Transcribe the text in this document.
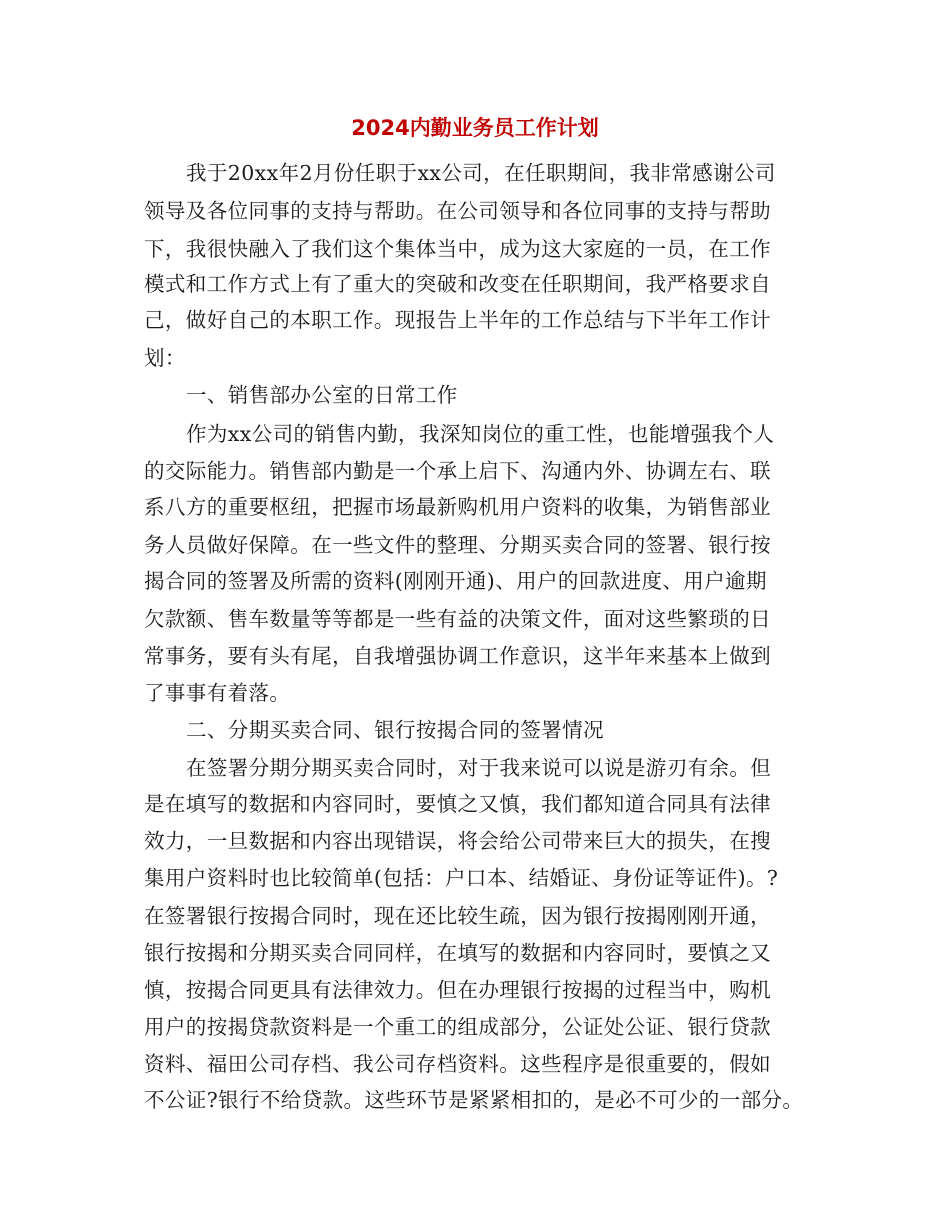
2024内勤业务员工作计划
我于20xx年2月份任职于xx公司，在任职期间，我非常感谢公司
领导及各位同事的支持与帮助。在公司领导和各位同事的支持与帮助
下，我很快融入了我们这个集体当中，成为这大家庭的一员，在工作
模式和工作方式上有了重大的突破和改变在任职期间，我严格要求自
己，做好自己的本职工作。现报告上半年的工作总结与下半年工作计
划：
一、销售部办公室的日常工作
作为xx公司的销售内勤，我深知岗位的重工性，也能增强我个人
的交际能力。销售部内勤是一个承上启下、沟通内外、协调左右、联
系八方的重要枢纽，把握市场最新购机用户资料的收集，为销售部业
务人员做好保障。在一些文件的整理、分期买卖合同的签署、银行按
揭合同的签署及所需的资料(刚刚开通)、用户的回款进度、用户逾期
欠款额、售车数量等等都是一些有益的决策文件，面对这些繁琐的日
常事务，要有头有尾，自我增强协调工作意识，这半年来基本上做到
了事事有着落。
二、分期买卖合同、银行按揭合同的签署情况
在签署分期分期买卖合同时，对于我来说可以说是游刃有余。但
是在填写的数据和内容同时，要慎之又慎，我们都知道合同具有法律
效力，一旦数据和内容出现错误，将会给公司带来巨大的损失，在搜
集用户资料时也比较简单(包括：户口本、结婚证、身份证等证件)。?
在签署银行按揭合同时，现在还比较生疏，因为银行按揭刚刚开通，
银行按揭和分期买卖合同同样，在填写的数据和内容同时，要慎之又
慎，按揭合同更具有法律效力。但在办理银行按揭的过程当中，购机
用户的按揭贷款资料是一个重工的组成部分，公证处公证、银行贷款
资料、福田公司存档、我公司存档资料。这些程序是很重要的，假如
不公证?银行不给贷款。这些环节是紧紧相扣的，是必不可少的一部分。
